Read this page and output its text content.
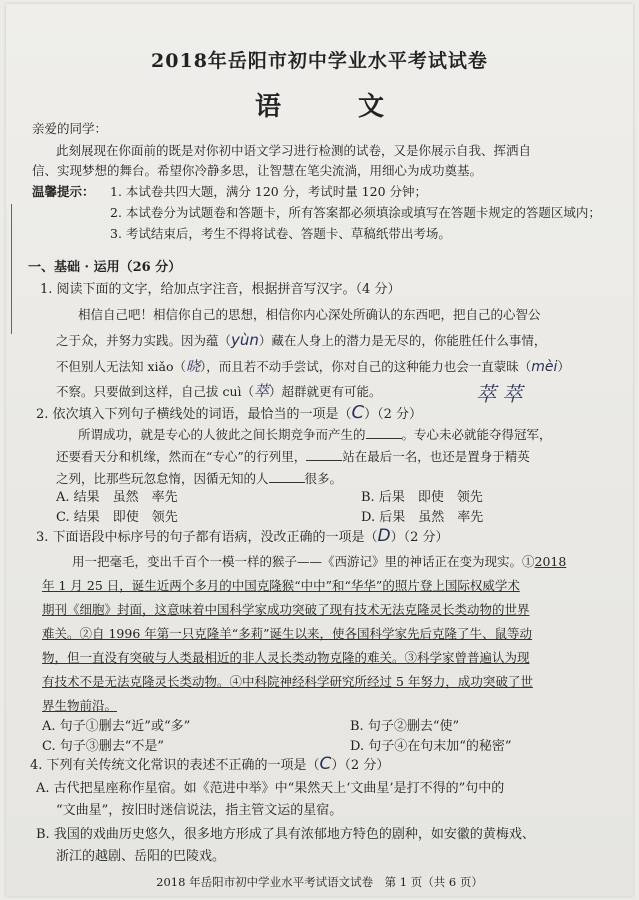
2018年岳阳市初中学业水平考试试卷
语 文
亲爱的同学：
此刻展现在你面前的既是对你初中语文学习进行检测的试卷，又是你展示自我、挥洒自
信、实现梦想的舞台。希望你冷静多思，让智慧在笔尖流淌，用细心为成功奠基。
温馨提示： 1. 本试卷共四大题，满分 120 分，考试时量 120 分钟；
2. 本试卷分为试题卷和答题卡，所有答案都必须填涂或填写在答题卡规定的答题区域内；
3. 考试结束后，考生不得将试卷、答题卡、草稿纸带出考场。
一、基础 · 运用（26 分）
1. 阅读下面的文字，给加点字注音，根据拼音写汉字。（4 分）
相信自己吧！相信你自己的思想，相信你内心深处所确认的东西吧，把自己的心智公
之于众，并努力实践。因为蕴（yùn）藏在人身上的潜力是无尽的，你能胜任什么事情，
不但别人无法知 xiǎo（晓），而且若不动手尝试，你对自己的这种能力也会一直蒙昧（mèi）
不察。只要做到这样，自己拔 cuì（萃）超群就更有可能。	萃 萃
2. 依次填入下列句子横线处的词语，最恰当的一项是（C）（2 分）
所谓成功，就是专心的人彼此之间长期竞争而产生的	。专心未必就能夺得冠军，
还要看天分和机缘，然而在“专心”的行列里，	站在最后一名，也还是置身于精英
之列，比那些玩忽怠惰，因循无知的人	很多。
A. 结果　虽然　率先	B. 后果　即使　领先
C. 结果　即使　领先	D. 后果　虽然　率先
3. 下面语段中标序号的句子都有语病，没改正确的一项是（D）（2 分）
用一把毫毛，变出千百个一模一样的猴子——《西游记》里的神话正在变为现实。①2018
年 1 月 25 日，诞生近两个多月的中国克隆猴“中中”和“华华”的照片登上国际权威学术
期刊《细胞》封面，这意味着中国科学家成功突破了现有技术无法克隆灵长类动物的世界
难关。②自 1996 年第一只克隆羊“多莉”诞生以来，使各国科学家先后克隆了牛、鼠等动
物，但一直没有突破与人类最相近的非人灵长类动物克隆的难关。③科学家曾普遍认为现
有技术不是无法克隆灵长类动物。④中科院神经科学研究所经过 5 年努力，成功突破了世
界生物前沿。
A. 句子①删去“近”或“多”	B. 句子②删去“使”
C. 句子③删去“不是”	D. 句子④在句末加“的秘密”
4. 下列有关传统文化常识的表述不正确的一项是（C）（2 分）
A. 古代把星座称作星宿。如《范进中举》中“果然天上‘文曲星’是打不得的”句中的
“文曲星”，按旧时迷信说法，指主管文运的星宿。
B. 我国的戏曲历史悠久，很多地方形成了具有浓郁地方特色的剧种，如安徽的黄梅戏、
浙江的越剧、岳阳的巴陵戏。
2018 年岳阳市初中学业水平考试语文试卷　第 1 页（共 6 页）
